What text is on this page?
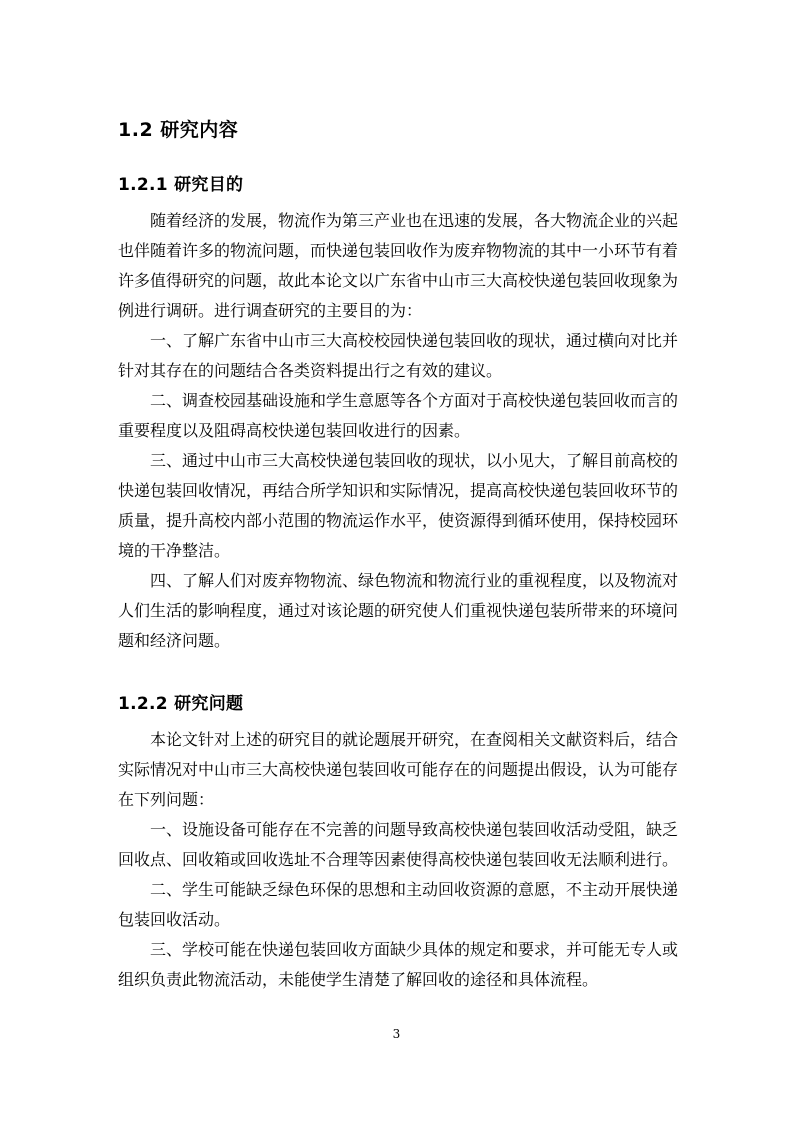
1.2 研究内容
1.2.1 研究目的

随着经济的发展，物流作为第三产业也在迅速的发展，各大物流企业的兴起也伴随着许多的物流问题，而快递包装回收作为废弃物物流的其中一小环节有着许多值得研究的问题，故此本论文以广东省中山市三大高校快递包装回收现象为例进行调研。进行调查研究的主要目的为：

一、了解广东省中山市三大高校校园快递包装回收的现状，通过横向对比并针对其存在的问题结合各类资料提出行之有效的建议。

二、调查校园基础设施和学生意愿等各个方面对于高校快递包装回收而言的重要程度以及阻碍高校快递包装回收进行的因素。

三、通过中山市三大高校快递包装回收的现状，以小见大，了解目前高校的快递包装回收情况，再结合所学知识和实际情况，提高高校快递包装回收环节的质量，提升高校内部小范围的物流运作水平，使资源得到循环使用，保持校园环境的干净整洁。

四、了解人们对废弃物物流、绿色物流和物流行业的重视程度，以及物流对人们生活的影响程度，通过对该论题的研究使人们重视快递包装所带来的环境问题和经济问题。

1.2.2 研究问题

本论文针对上述的研究目的就论题展开研究，在查阅相关文献资料后，结合实际情况对中山市三大高校快递包装回收可能存在的问题提出假设，认为可能存在下列问题：

一、设施设备可能存在不完善的问题导致高校快递包装回收活动受阻，缺乏回收点、回收箱或回收选址不合理等因素使得高校快递包装回收无法顺利进行。

二、学生可能缺乏绿色环保的思想和主动回收资源的意愿，不主动开展快递包装回收活动。

三、学校可能在快递包装回收方面缺少具体的规定和要求，并可能无专人或组织负责此物流活动，未能使学生清楚了解回收的途径和具体流程。

3
